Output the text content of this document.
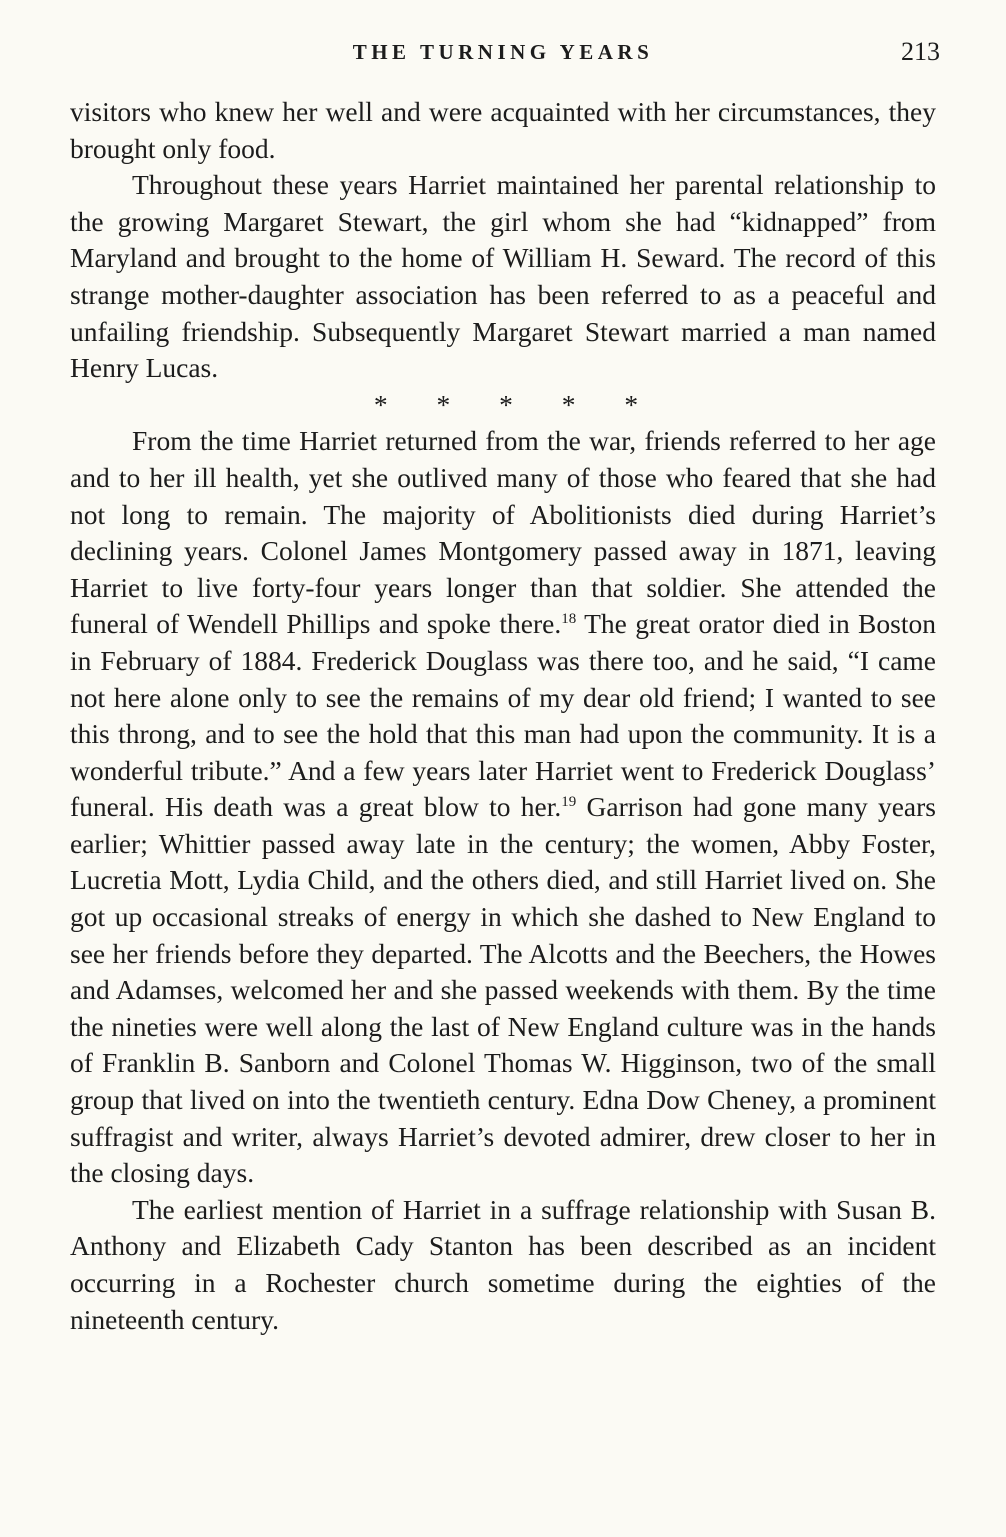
THE TURNING YEARS	213

visitors who knew her well and were acquainted with her circumstances, they brought only food.

Throughout these years Harriet maintained her parental relationship to the growing Margaret Stewart, the girl whom she had “kidnapped” from Maryland and brought to the home of William H. Seward. The record of this strange mother-daughter association has been referred to as a peaceful and unfailing friendship. Subsequently Margaret Stewart married a man named Henry Lucas.

* * * * *

From the time Harriet returned from the war, friends referred to her age and to her ill health, yet she outlived many of those who feared that she had not long to remain. The majority of Abolitionists died during Harriet’s declining years. Colonel James Montgomery passed away in 1871, leaving Harriet to live forty-four years longer than that soldier. She attended the funeral of Wendell Phillips and spoke there.$^{18}$ The great orator died in Boston in February of 1884. Frederick Douglass was there too, and he said, “I came not here alone only to see the remains of my dear old friend; I wanted to see this throng, and to see the hold that this man had upon the community. It is a wonderful tribute.” And a few years later Harriet went to Frederick Douglass’ funeral. His death was a great blow to her.$^{19}$ Garrison had gone many years earlier; Whittier passed away late in the century; the women, Abby Foster, Lucretia Mott, Lydia Child, and the others died, and still Harriet lived on. She got up occasional streaks of energy in which she dashed to New England to see her friends before they departed. The Alcotts and the Beechers, the Howes and Adamses, welcomed her and she passed weekends with them. By the time the nineties were well along the last of New England culture was in the hands of Franklin B. Sanborn and Colonel Thomas W. Higginson, two of the small group that lived on into the twentieth century. Edna Dow Cheney, a prominent suffragist and writer, always Harriet’s devoted admirer, drew closer to her in the closing days.

The earliest mention of Harriet in a suffrage relationship with Susan B. Anthony and Elizabeth Cady Stanton has been described as an incident occurring in a Rochester church sometime during the eighties of the nineteenth century.
